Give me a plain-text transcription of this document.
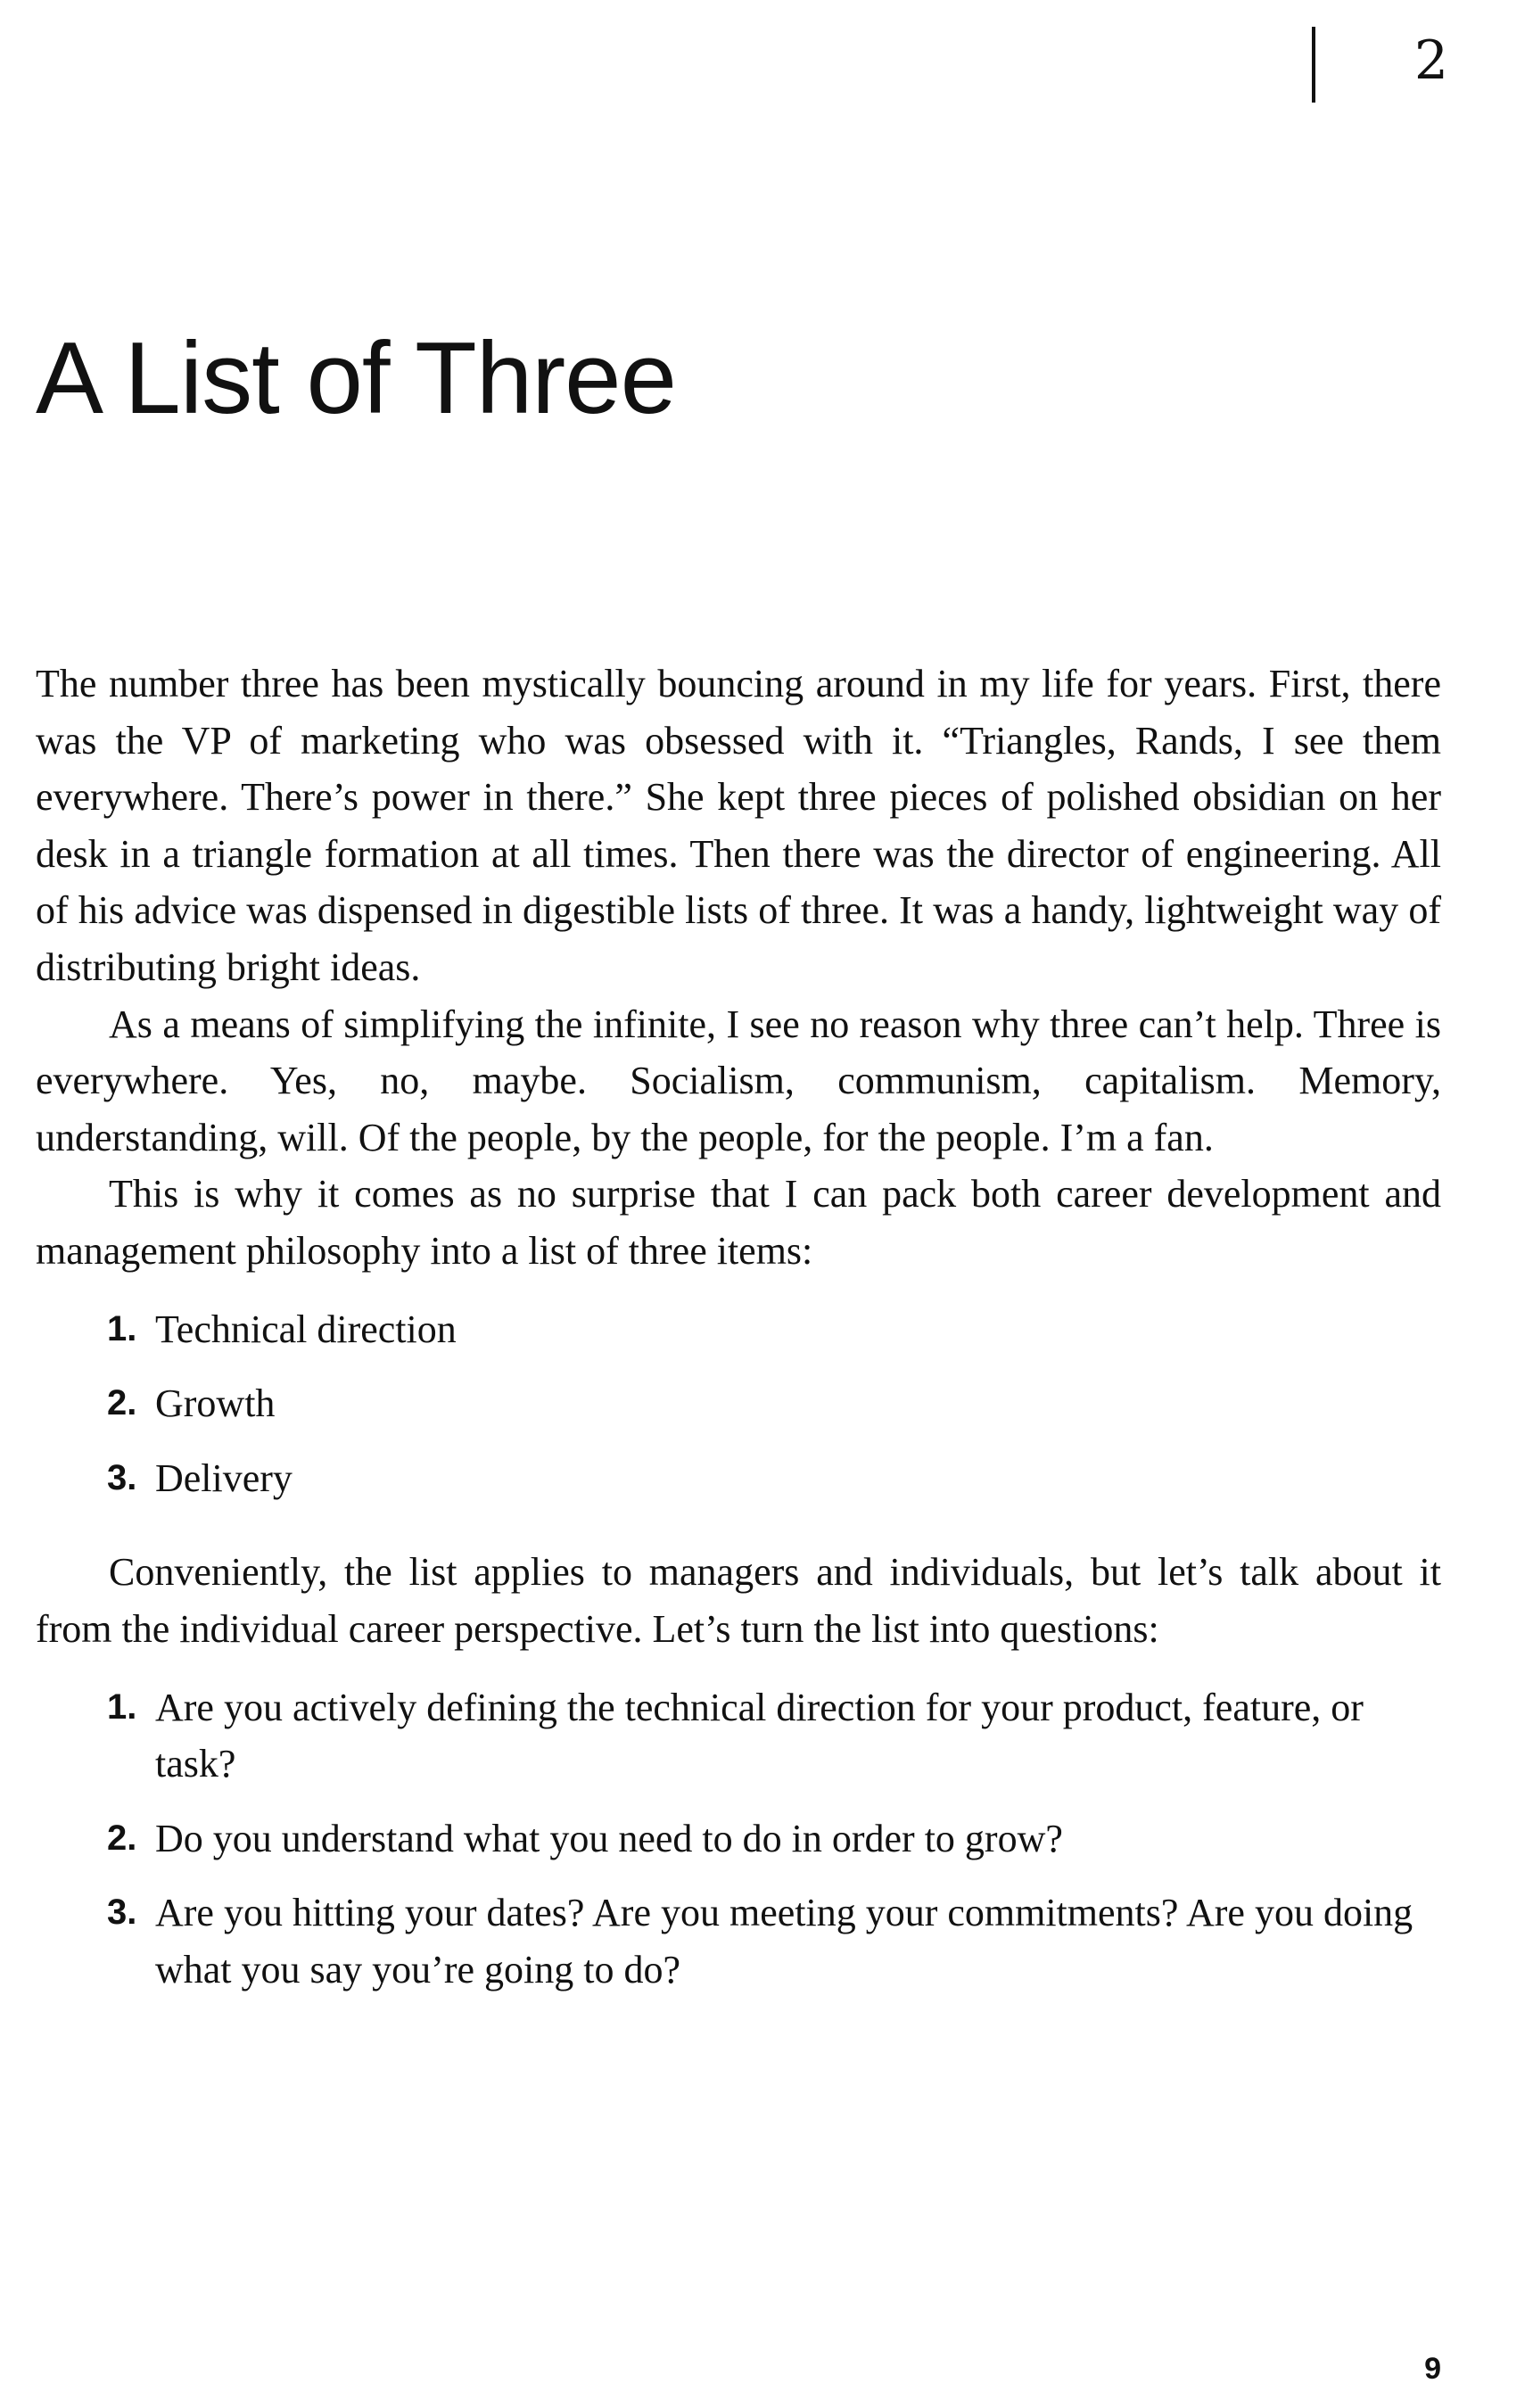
2
A List of Three

The number three has been mystically bouncing around in my life for years. First, there was the VP of marketing who was obsessed with it. “Triangles, Rands, I see them everywhere. There’s power in there.” She kept three pieces of polished obsidian on her desk in a triangle formation at all times. Then there was the director of engineering. All of his advice was dispensed in digestible lists of three. It was a handy, lightweight way of distributing bright ideas.

As a means of simplifying the infinite, I see no reason why three can’t help. Three is everywhere. Yes, no, maybe. Socialism, communism, capitalism. Memory, understanding, will. Of the people, by the people, for the people. I’m a fan.

This is why it comes as no surprise that I can pack both career development and management philosophy into a list of three items:

1. Technical direction
2. Growth
3. Delivery

Conveniently, the list applies to managers and individuals, but let’s talk about it from the individual career perspective. Let’s turn the list into questions:

1. Are you actively defining the technical direction for your product, feature, or task?
2. Do you understand what you need to do in order to grow?
3. Are you hitting your dates? Are you meeting your commitments? Are you doing what you say you’re going to do?
9
